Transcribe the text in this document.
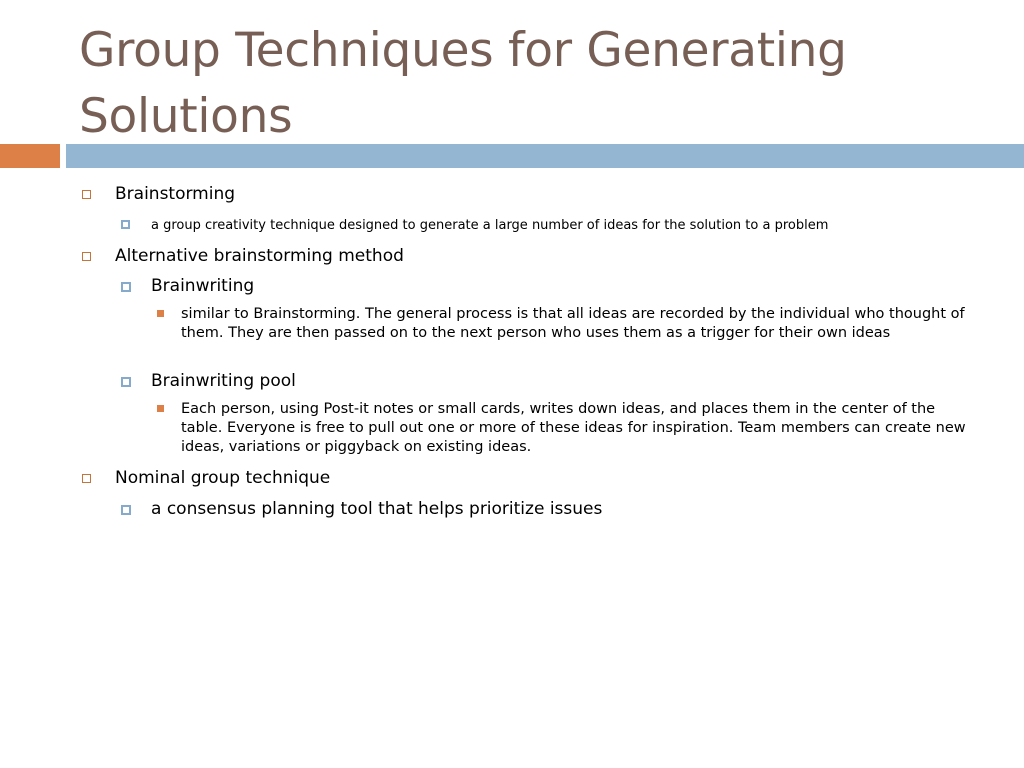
Group Techniques for Generating Solutions
Brainstorming
a group creativity technique designed to generate a large number of ideas for the solution to a problem
Alternative brainstorming method
Brainwriting
similar to Brainstorming. The general process is that all ideas are recorded by the individual who thought of them. They are then passed on to the next person who uses them as a trigger for their own ideas
Brainwriting pool
Each person, using Post-it notes or small cards, writes down ideas, and places them in the center of the table. Everyone is free to pull out one or more of these ideas for inspiration. Team members can create new ideas, variations or piggyback on existing ideas.
Nominal group technique
a consensus planning tool that helps prioritize issues
